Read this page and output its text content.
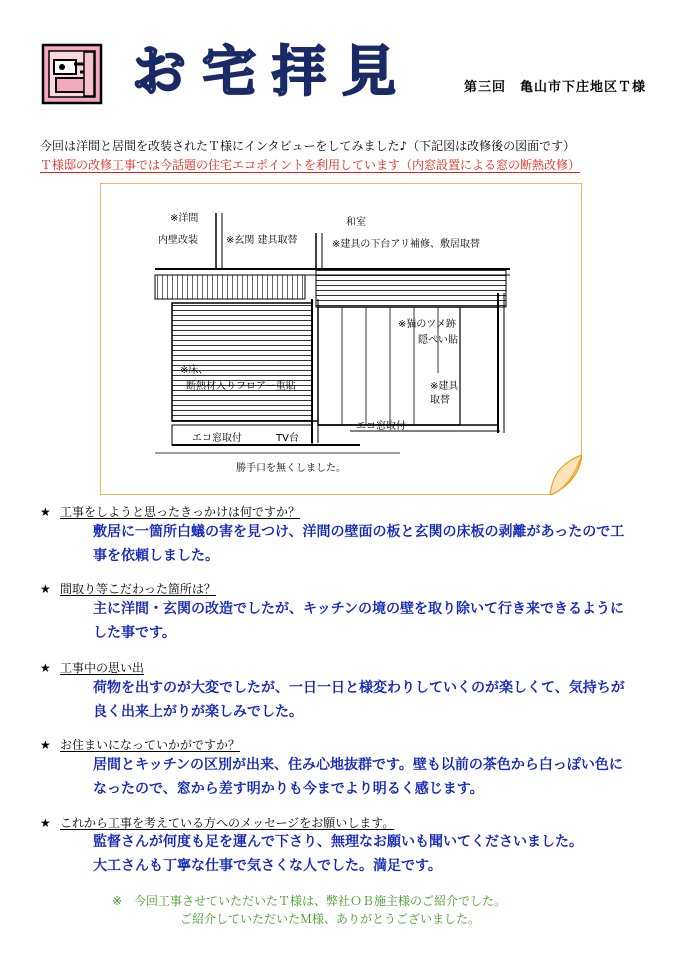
お 宅 拝 見	第三回　亀山市下庄地区Ｔ様
今回は洋間と居間を改装されたＴ様にインタビューをしてみました♪（下記図は改修後の図面です）
Ｔ様邸の改修工事では今話題の住宅エコポイントを利用しています（内窓設置による窓の断熱改修）
※洋間
内壁改装	※玄関 建具取替
和室
※建具の下台アリ補修、敷居取替
※猫のツメ跡
隠ぺい貼
※建具
取替
※床、
断熱材入りフロアー重貼
エコ窓取付	TV台
エコ窓取付
勝手口を無くしました。
★ 工事をしようと思ったきっかけは何ですか？
敷居に一箇所白蟻の害を見つけ、洋間の壁面の板と玄関の床板の剥離があったので工
事を依頼しました。
★ 間取り等こだわった箇所は？
主に洋間・玄関の改造でしたが、キッチンの境の壁を取り除いて行き来できるように
した事です。
★ 工事中の思い出
荷物を出すのが大変でしたが、一日一日と様変わりしていくのが楽しくて、気持ちが
良く出来上がりが楽しみでした。
★ お住まいになっていかがですか？
居間とキッチンの区別が出来、住み心地抜群です。壁も以前の茶色から白っぽい色に
なったので、窓から差す明かりも今までより明るく感じます。
★ これから工事を考えている方へのメッセージをお願いします。
監督さんが何度も足を運んで下さり、無理なお願いも聞いてくださいました。
大工さんも丁寧な仕事で気さくな人でした。満足です。
※　今回工事させていただいたＴ様は、弊社ＯＢ施主様のご紹介でした。
ご紹介していただいたＭ様、ありがとうございました。
